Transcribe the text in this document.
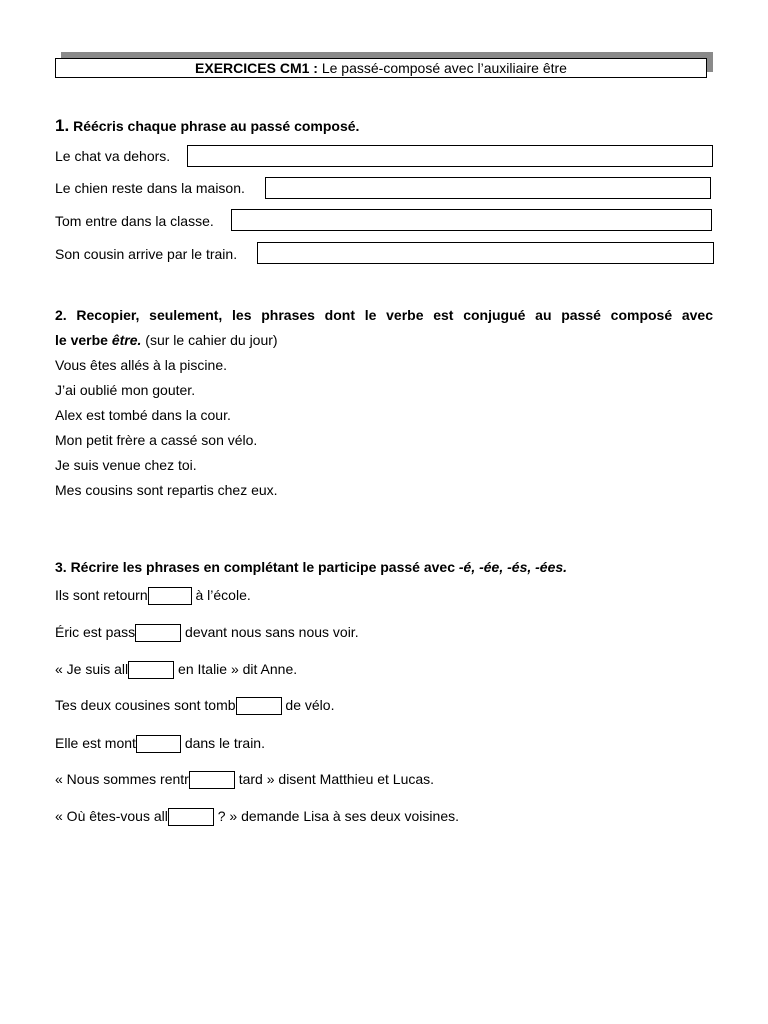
EXERCICES CM1 : Le passé-composé avec l’auxiliaire être
1. Réécris chaque phrase au passé composé.
Le chat va dehors.
Le chien reste dans la maison.
Tom entre dans la classe.
Son cousin arrive par le train.
2. Recopier, seulement, les phrases dont le verbe est conjugué au passé composé avec
le verbe être. (sur le cahier du jour)
Vous êtes allés à la piscine.
J’ai oublié mon gouter.
Alex est tombé dans la cour.
Mon petit frère a cassé son vélo.
Je suis venue chez toi.
Mes cousins sont repartis chez eux.
3. Récrire les phrases en complétant le participe passé avec -é, -ée, -és, -ées.
Ils sont retourn	à l’école.
Éric est pass	devant nous sans nous voir.
« Je suis all	en Italie » dit Anne.
Tes deux cousines sont tomb	de vélo.
Elle est mont	dans le train.
« Nous sommes rentr	tard » disent Matthieu et Lucas.
« Où êtes-vous all	? » demande Lisa à ses deux voisines.
